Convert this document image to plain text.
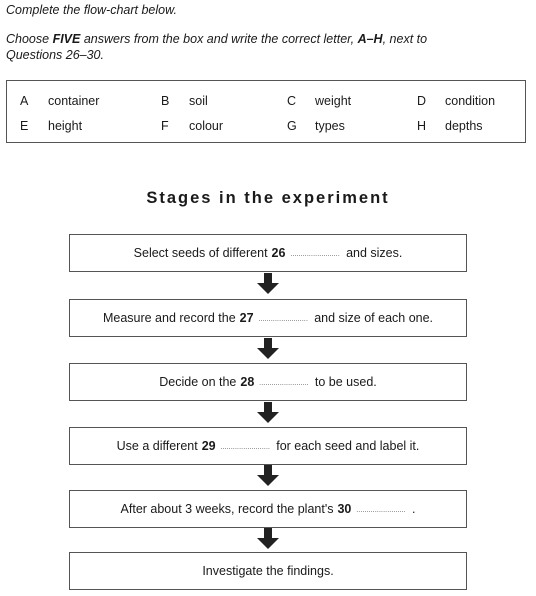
Complete the flow-chart below.

Choose FIVE answers from the box and write the correct letter, A–H, next to Questions 26–30.

A container	B soil	C weight	D condition
E height	F colour	G types	H depths
Stages in the experiment
Select seeds of different 26 ........................ and sizes.
Measure and record the 27 ........................ and size of each one.
Decide on the 28 ........................ to be used.
Use a different 29 ........................ for each seed and label it.
After about 3 weeks, record the plant's 30 ........................ .
Investigate the findings.
